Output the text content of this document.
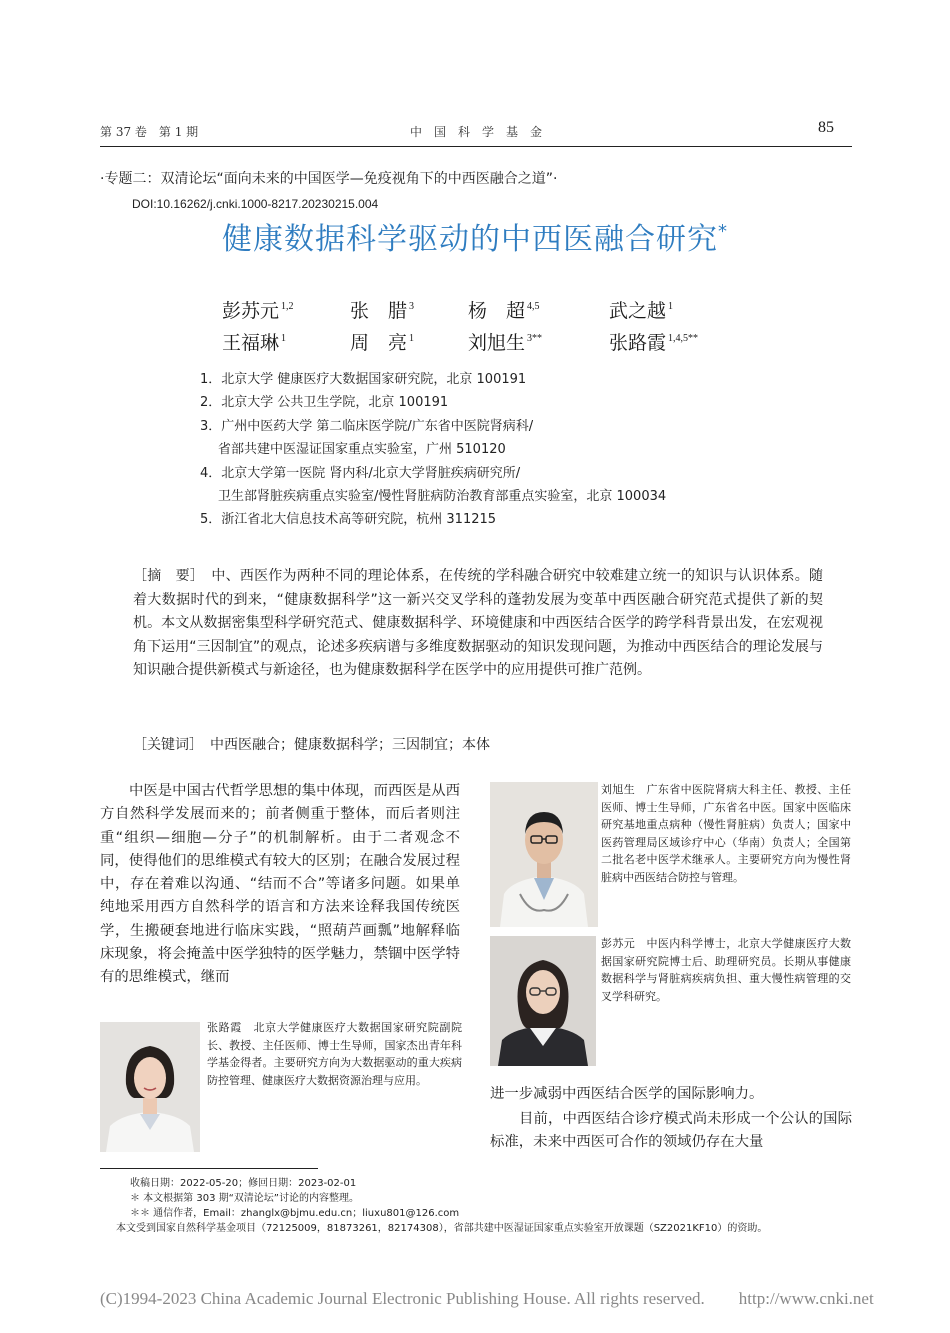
第 37 卷　第 1 期	中　国　科　学　基　金	85
·专题二：双清论坛“面向未来的中国医学—免疫视角下的中西医融合之道”·
DOI:10.16262/j.cnki.1000-8217.20230215.004
健康数据科学驱动的中西医融合研究*
彭苏元 $^{1,2}$	张　腊 $^3$	杨　超 $^{4,5}$	武之越 $^1$
王福琳 $^1$	周　亮 $^1$	刘旭生 $^{3**}$	张路霞 $^{1,4,5**}$
1．北京大学 健康医疗大数据国家研究院，北京 100191
2．北京大学 公共卫生学院，北京 100191
3．广州中医药大学 第二临床医学院/广东省中医院肾病科/
省部共建中医湿证国家重点实验室，广州 510120
4．北京大学第一医院 肾内科/北京大学肾脏疾病研究所/
卫生部肾脏疾病重点实验室/慢性肾脏病防治教育部重点实验室，北京 100034
5．浙江省北大信息技术高等研究院，杭州 311215
［摘　要］　 中、西医作为两种不同的理论体系，在传统的学科融合研究中较难建立统一的知识与认识体系。随着大数据时代的到来，“健康数据科学”这一新兴交叉学科的蓬勃发展为变革中西医融合研究范式提供了新的契机。本文从数据密集型科学研究范式、健康数据科学、环境健康和中西医结合医学的跨学科背景出发，在宏观视角下运用“三因制宜”的观点，论述多疾病谱与多维度数据驱动的知识发现问题，为推动中西医结合的理论发展与知识融合提供新模式与新途径，也为健康数据科学在医学中的应用提供可推广范例。
［关键词］　 中西医融合；健康数据科学；三因制宜；本体
中医是中国古代哲学思想的集中体现，而西医是从西方自然科学发展而来的；前者侧重于整体，而后者则注重“组织—细胞—分子”的机制解析。由于二者观念不同，使得他们的思维模式有较大的区别；在融合发展过程中，存在着难以沟通、“结而不合”等诸多问题。如果单纯地采用西方自然科学的语言和方法来诠释我国传统医学，生搬硬套地进行临床实践，“照葫芦画瓢”地解释临床现象，将会掩盖中医学独特的医学魅力，禁锢中医学特有的思维模式，继而
刘旭生　广东省中医院肾病大科主任、教授、主任医师、博士生导师，广东省名中医。国家中医临床研究基地重点病种（慢性肾脏病）负责人；国家中医药管理局区域诊疗中心（华南）负责人；全国第二批名老中医学术继承人。主要研究方向为慢性肾脏病中西医结合防控与管理。
彭苏元　中医内科学博士，北京大学健康医疗大数据国家研究院博士后、助理研究员。长期从事健康数据科学与肾脏病疾病负担、重大慢性病管理的交叉学科研究。
张路霞　北京大学健康医疗大数据国家研究院副院长、教授、主任医师、博士生导师，国家杰出青年科学基金得者。主要研究方向为大数据驱动的重大疾病防控管理、健康医疗大数据资源治理与应用。
进一步减弱中西医结合医学的国际影响力。
目前，中西医结合诊疗模式尚未形成一个公认的国际标准，未来中西医可合作的领域仍存在大量
收稿日期：2022-05-20；修回日期：2023-02-01
＊ 本文根据第 303 期“双清论坛”讨论的内容整理。
＊＊ 通信作者，Email：zhanglx@bjmu.edu.cn；liuxu801@126.com
本文受到国家自然科学基金项目（72125009，81873261，82174308），省部共建中医湿证国家重点实验室开放课题（SZ2021KF10）的资助。
(C)1994-2023 China Academic Journal Electronic Publishing House. All rights reserved.　　http://www.cnki.net
